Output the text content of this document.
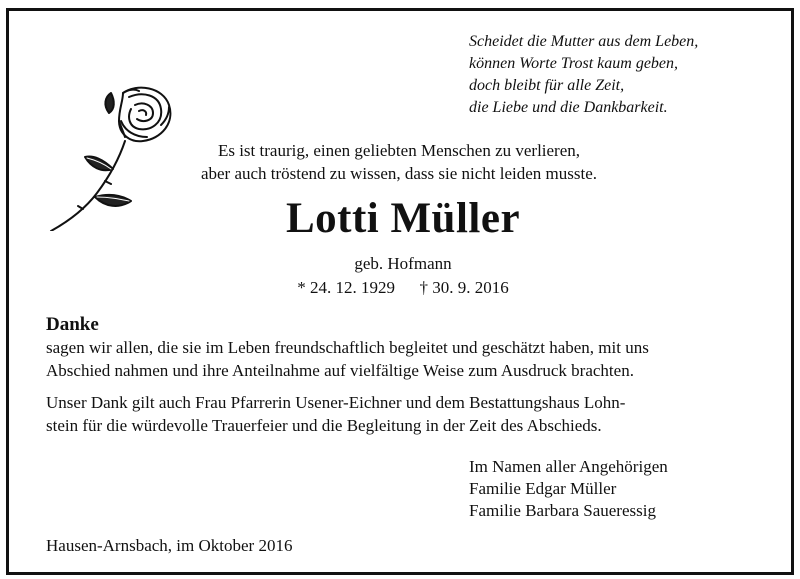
Scheidet die Mutter aus dem Leben,
können Worte Trost kaum geben,
doch bleibt für alle Zeit,
die Liebe und die Dankbarkeit.
Es ist traurig, einen geliebten Menschen zu verlieren,
aber auch tröstend zu wissen, dass sie nicht leiden musste.
Lotti Müller
geb. Hofmann
* 24. 12. 1929 † 30. 9. 2016
Danke
sagen wir allen, die sie im Leben freundschaftlich begleitet und geschätzt haben, mit uns
Abschied nahmen und ihre Anteilnahme auf vielfältige Weise zum Ausdruck brachten.
Unser Dank gilt auch Frau Pfarrerin Usener-Eichner und dem Bestattungshaus Lohn-
stein für die würdevolle Trauerfeier und die Begleitung in der Zeit des Abschieds.
Im Namen aller Angehörigen
Familie Edgar Müller
Familie Barbara Saueressig
Hausen-Arnsbach, im Oktober 2016
